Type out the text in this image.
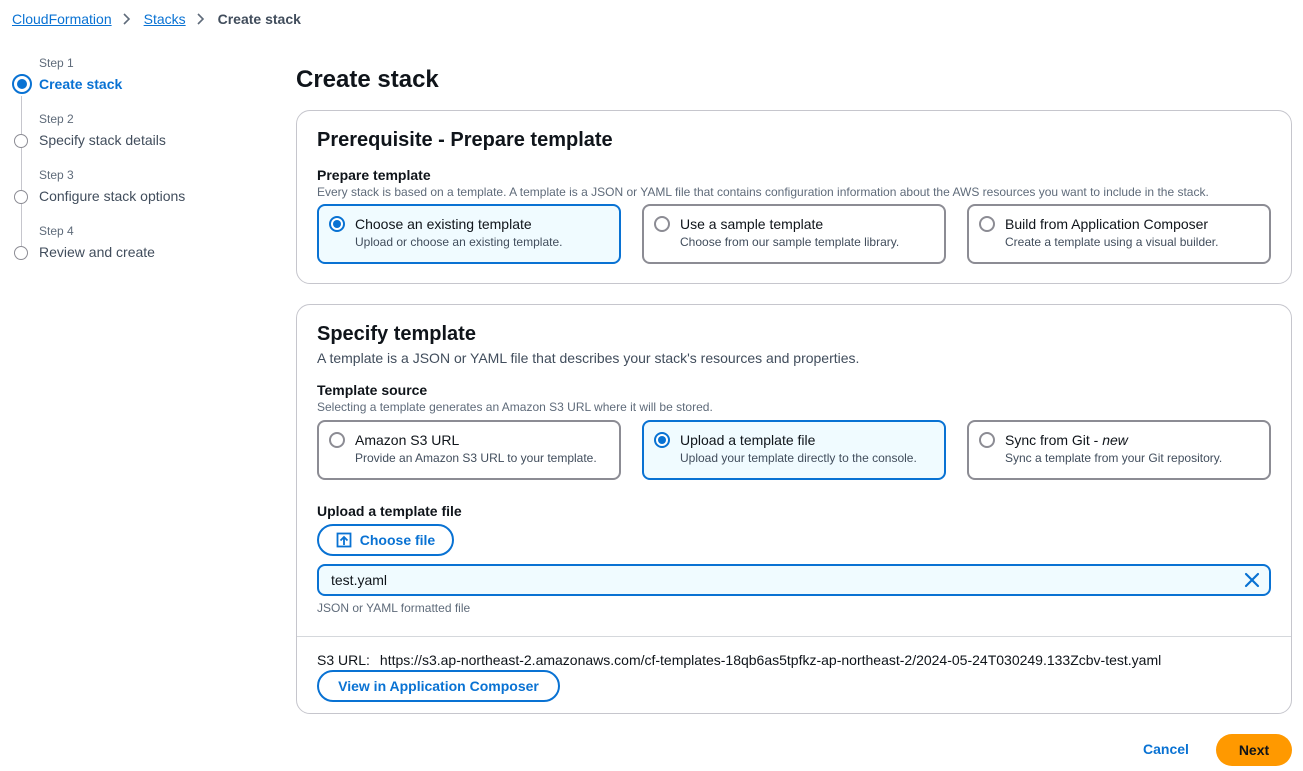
CloudFormation Stacks Create stack
Step 1
Create stack
Step 2
Specify stack details
Step 3
Configure stack options
Step 4
Review and create
Create stack
Prerequisite - Prepare template
Prepare template
Every stack is based on a template. A template is a JSON or YAML file that contains configuration information about the AWS resources you want to include in the stack.
Choose an existing template
Upload or choose an existing template.
Use a sample template
Choose from our sample template library.
Build from Application Composer
Create a template using a visual builder.
Specify template
A template is a JSON or YAML file that describes your stack's resources and properties.
Template source
Selecting a template generates an Amazon S3 URL where it will be stored.
Amazon S3 URL
Provide an Amazon S3 URL to your template.
Upload a template file
Upload your template directly to the console.
Sync from Git - new
Sync a template from your Git repository.
Upload a template file
Choose file
test.yaml
JSON or YAML formatted file
S3 URL: https://s3.ap-northeast-2.amazonaws.com/cf-templates-18qb6as5tpfkz-ap-northeast-2/2024-05-24T030249.133Zcbv-test.yaml
View in Application Composer
Cancel	Next
